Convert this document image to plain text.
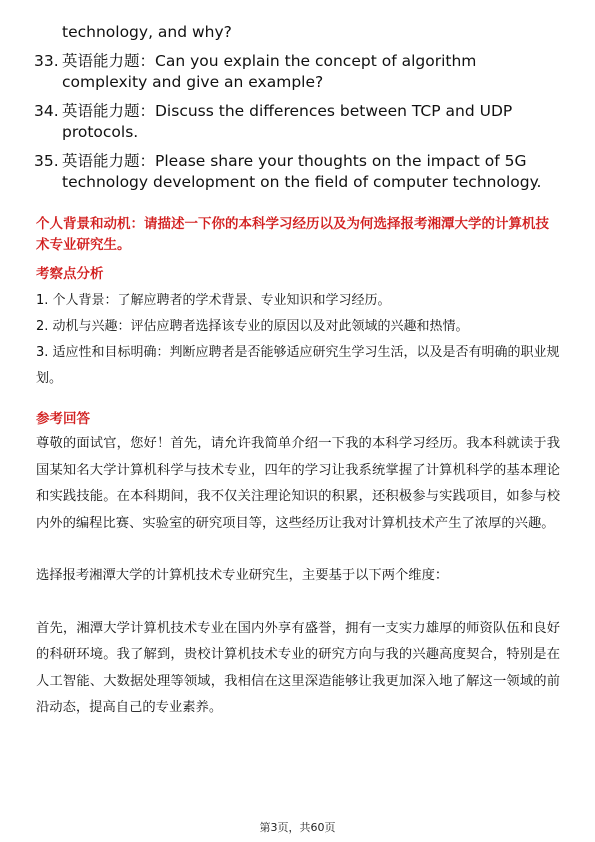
technology, and why?
33. 英语能力题：Can you explain the concept of algorithm complexity and give an example?
34. 英语能力题：Discuss the differences between TCP and UDP protocols.
35. 英语能力题：Please share your thoughts on the impact of 5G technology development on the field of computer technology.
个人背景和动机：请描述一下你的本科学习经历以及为何选择报考湘潭大学的计算机技术专业研究生。
考察点分析
1. 个人背景：了解应聘者的学术背景、专业知识和学习经历。
2. 动机与兴趣：评估应聘者选择该专业的原因以及对此领域的兴趣和热情。
3. 适应性和目标明确：判断应聘者是否能够适应研究生学习生活，以及是否有明确的职业规划。
参考回答
尊敬的面试官，您好！首先，请允许我简单介绍一下我的本科学习经历。我本科就读于我国某知名大学计算机科学与技术专业，四年的学习让我系统掌握了计算机科学的基本理论和实践技能。在本科期间，我不仅关注理论知识的积累，还积极参与实践项目，如参与校内外的编程比赛、实验室的研究项目等，这些经历让我对计算机技术产生了浓厚的兴趣。
选择报考湘潭大学的计算机技术专业研究生，主要基于以下两个维度：
首先，湘潭大学计算机技术专业在国内外享有盛誉，拥有一支实力雄厚的师资队伍和良好的科研环境。我了解到，贵校计算机技术专业的研究方向与我的兴趣高度契合，特别是在人工智能、大数据处理等领域，我相信在这里深造能够让我更加深入地了解这一领域的前沿动态，提高自己的专业素养。
第3页，共60页
